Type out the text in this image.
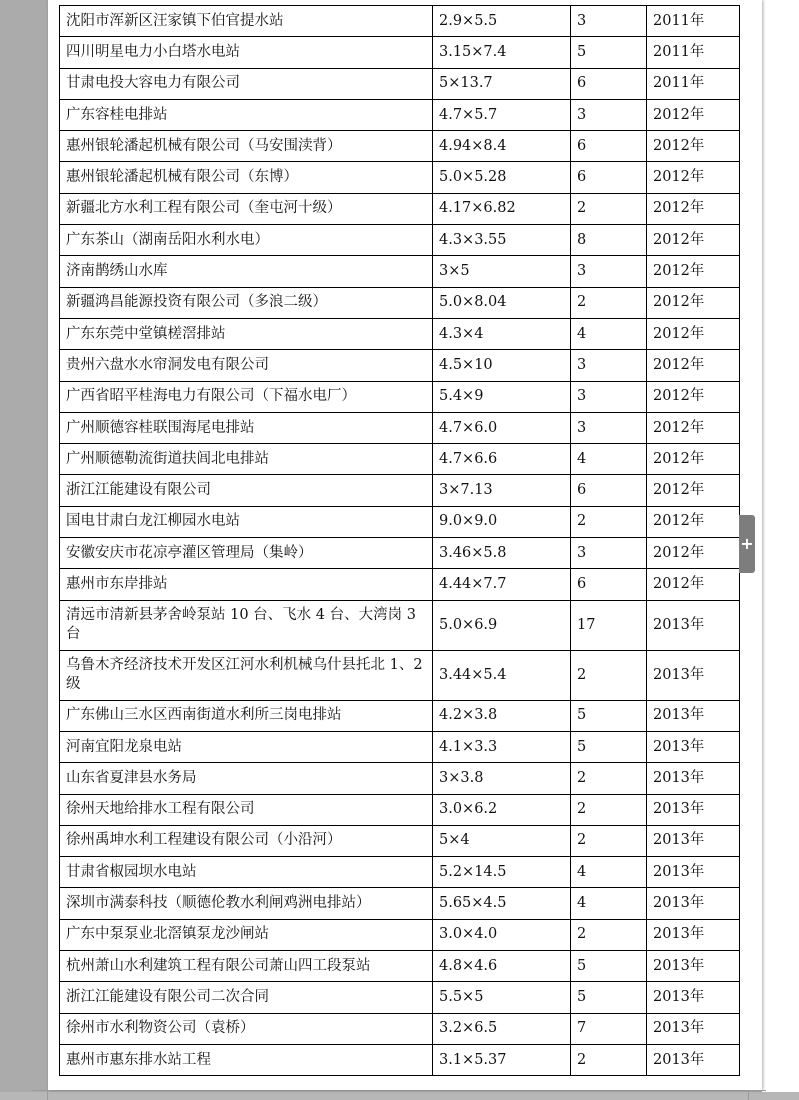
沈阳市浑新区汪家镇下伯官提水站	2.9×5.5	3	2011年
四川明星电力小白塔水电站	3.15×7.4	5	2011年
甘肃电投大容电力有限公司	5×13.7	6	2011年
广东容桂电排站	4.7×5.7	3	2012年
惠州银轮潘起机械有限公司（马安围渎背）	4.94×8.4	6	2012年
惠州银轮潘起机械有限公司（东博）	5.0×5.28	6	2012年
新疆北方水利工程有限公司（奎屯河十级）	4.17×6.82	2	2012年
广东茶山（湖南岳阳水利水电）	4.3×3.55	8	2012年
济南鹊绣山水库	3×5	3	2012年
新疆鸿昌能源投资有限公司（多浪二级）	5.0×8.04	2	2012年
广东东莞中堂镇槎滘排站	4.3×4	4	2012年
贵州六盘水水帘洞发电有限公司	4.5×10	3	2012年
广西省昭平桂海电力有限公司（下福水电厂）	5.4×9	3	2012年
广州顺德容桂联围海尾电排站	4.7×6.0	3	2012年
广州顺德勒流街道扶闾北电排站	4.7×6.6	4	2012年
浙江江能建设有限公司	3×7.13	6	2012年
国电甘肃白龙江柳园水电站	9.0×9.0	2	2012年
安徽安庆市花凉亭灌区管理局（集岭）	3.46×5.8	3	2012年
惠州市东岸排站	4.44×7.7	6	2012年
清远市清新县茅舍岭泵站 10 台、飞水 4 台、大湾岗 3 台	5.0×6.9	17	2013年
乌鲁木齐经济技术开发区江河水利机械乌什县托北 1、2 级	3.44×5.4	2	2013年
广东佛山三水区西南街道水利所三岗电排站	4.2×3.8	5	2013年
河南宜阳龙泉电站	4.1×3.3	5	2013年
山东省夏津县水务局	3×3.8	2	2013年
徐州天地给排水工程有限公司	3.0×6.2	2	2013年
徐州禹坤水利工程建设有限公司（小沿河）	5×4	2	2013年
甘肃省椒园坝水电站	5.2×14.5	4	2013年
深圳市满泰科技（顺德伦教水利闸鸡洲电排站）	5.65×4.5	4	2013年
广东中泵泵业北滘镇泵龙沙闸站	3.0×4.0	2	2013年
杭州萧山水利建筑工程有限公司萧山四工段泵站	4.8×4.6	5	2013年
浙江江能建设有限公司二次合同	5.5×5	5	2013年
徐州市水利物资公司（袁桥）	3.2×6.5	7	2013年
惠州市惠东排水站工程	3.1×5.37	2	2013年
+
